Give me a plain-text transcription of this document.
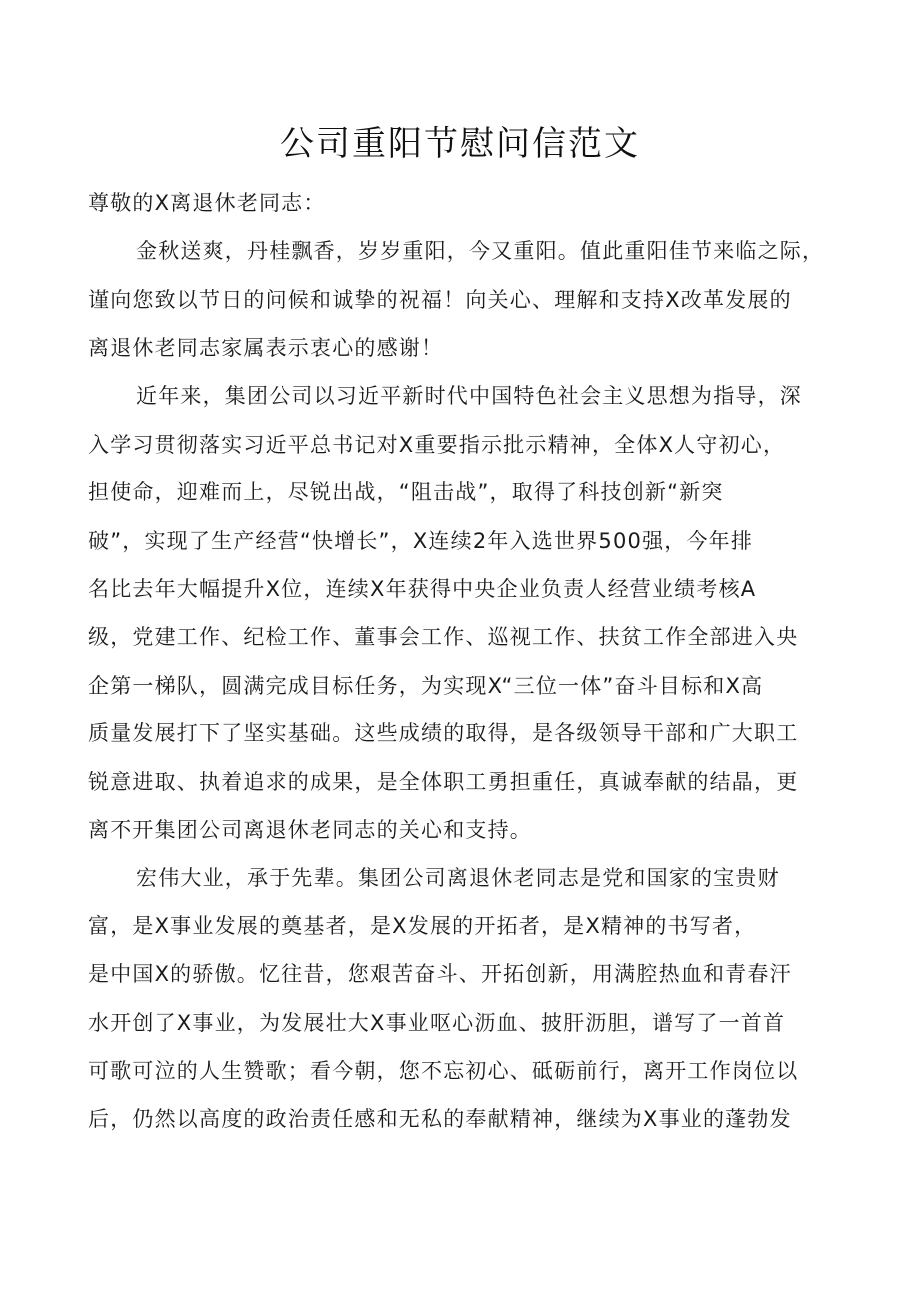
公司重阳节慰问信范文
尊敬的X离退休老同志：
金秋送爽，丹桂飘香，岁岁重阳，今又重阳。值此重阳佳节来临之际，
谨向您致以节日的问候和诚挚的祝福！向关心、理解和支持X改革发展的
离退休老同志家属表示衷心的感谢！
近年来，集团公司以习近平新时代中国特色社会主义思想为指导，深
入学习贯彻落实习近平总书记对X重要指示批示精神，全体X人守初心，
担使命，迎难而上，尽锐出战，“阻击战”，取得了科技创新“新突
破”，实现了生产经营“快增长”，X连续2年入选世界500强，今年排
名比去年大幅提升X位，连续X年获得中央企业负责人经营业绩考核A
级，党建工作、纪检工作、董事会工作、巡视工作、扶贫工作全部进入央
企第一梯队，圆满完成目标任务，为实现X“三位一体”奋斗目标和X高
质量发展打下了坚实基础。这些成绩的取得，是各级领导干部和广大职工
锐意进取、执着追求的成果，是全体职工勇担重任，真诚奉献的结晶，更
离不开集团公司离退休老同志的关心和支持。
宏伟大业，承于先辈。集团公司离退休老同志是党和国家的宝贵财
富，是X事业发展的奠基者，是X发展的开拓者，是X精神的书写者，
是中国X的骄傲。忆往昔，您艰苦奋斗、开拓创新，用满腔热血和青春汗
水开创了X事业，为发展壮大X事业呕心沥血、披肝沥胆，谱写了一首首
可歌可泣的人生赞歌；看今朝，您不忘初心、砥砺前行，离开工作岗位以
后，仍然以高度的政治责任感和无私的奉献精神，继续为X事业的蓬勃发
